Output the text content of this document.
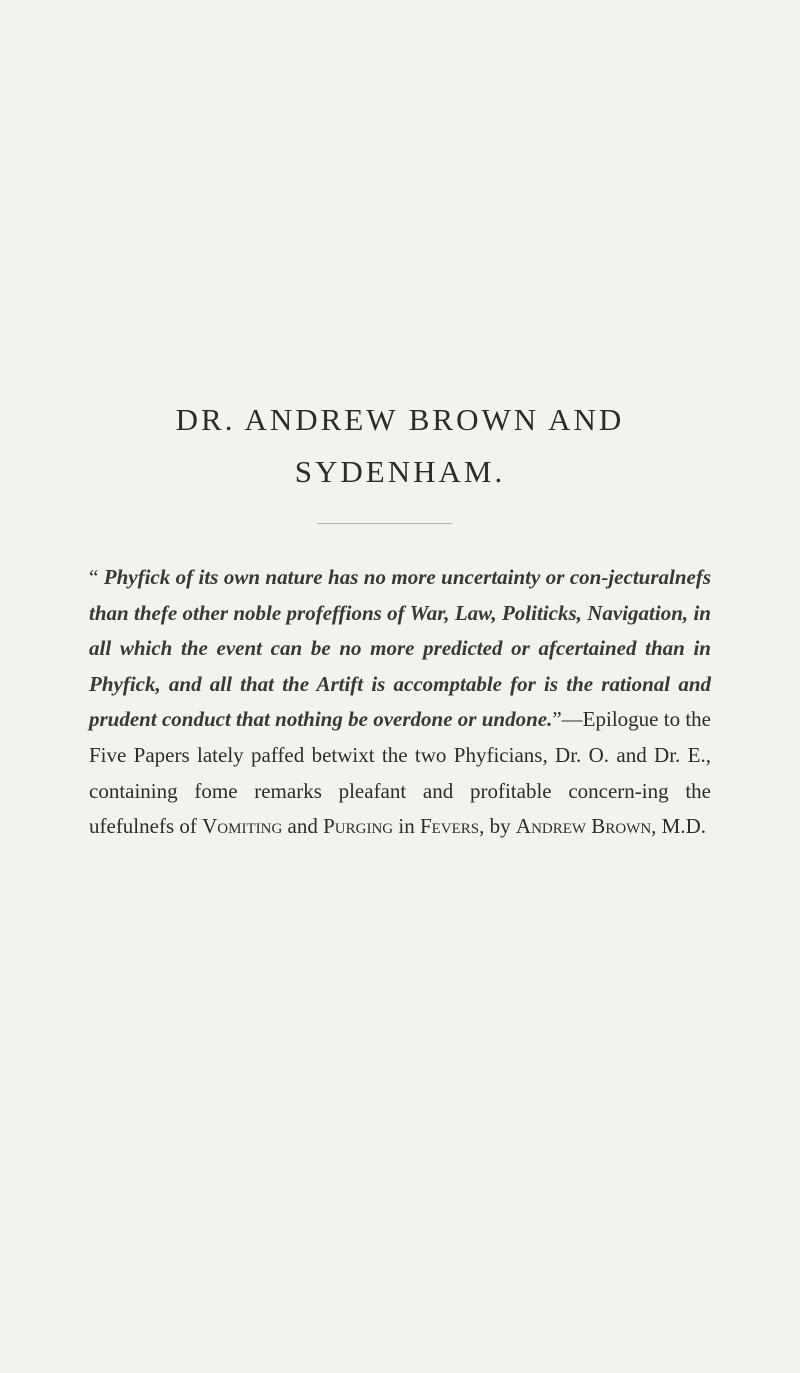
DR. ANDREW BROWN AND
SYDENHAM.

“ Phyfick of its own nature has no more uncertainty or con-jecturalnefs than thefe other noble profeffions of War, Law, Politicks, Navigation, in all which the event can be no more predicted or afcertained than in Phyfick, and all that the Artift is accomptable for is the rational and prudent conduct that nothing be overdone or undone.”—Epilogue to the Five Papers lately paffed betwixt the two Phyficians, Dr. O. and Dr. E., containing fome remarks pleafant and profitable concern-ing the ufefulnefs of Vomiting and Purging in Fevers, by Andrew Brown, M.D.
